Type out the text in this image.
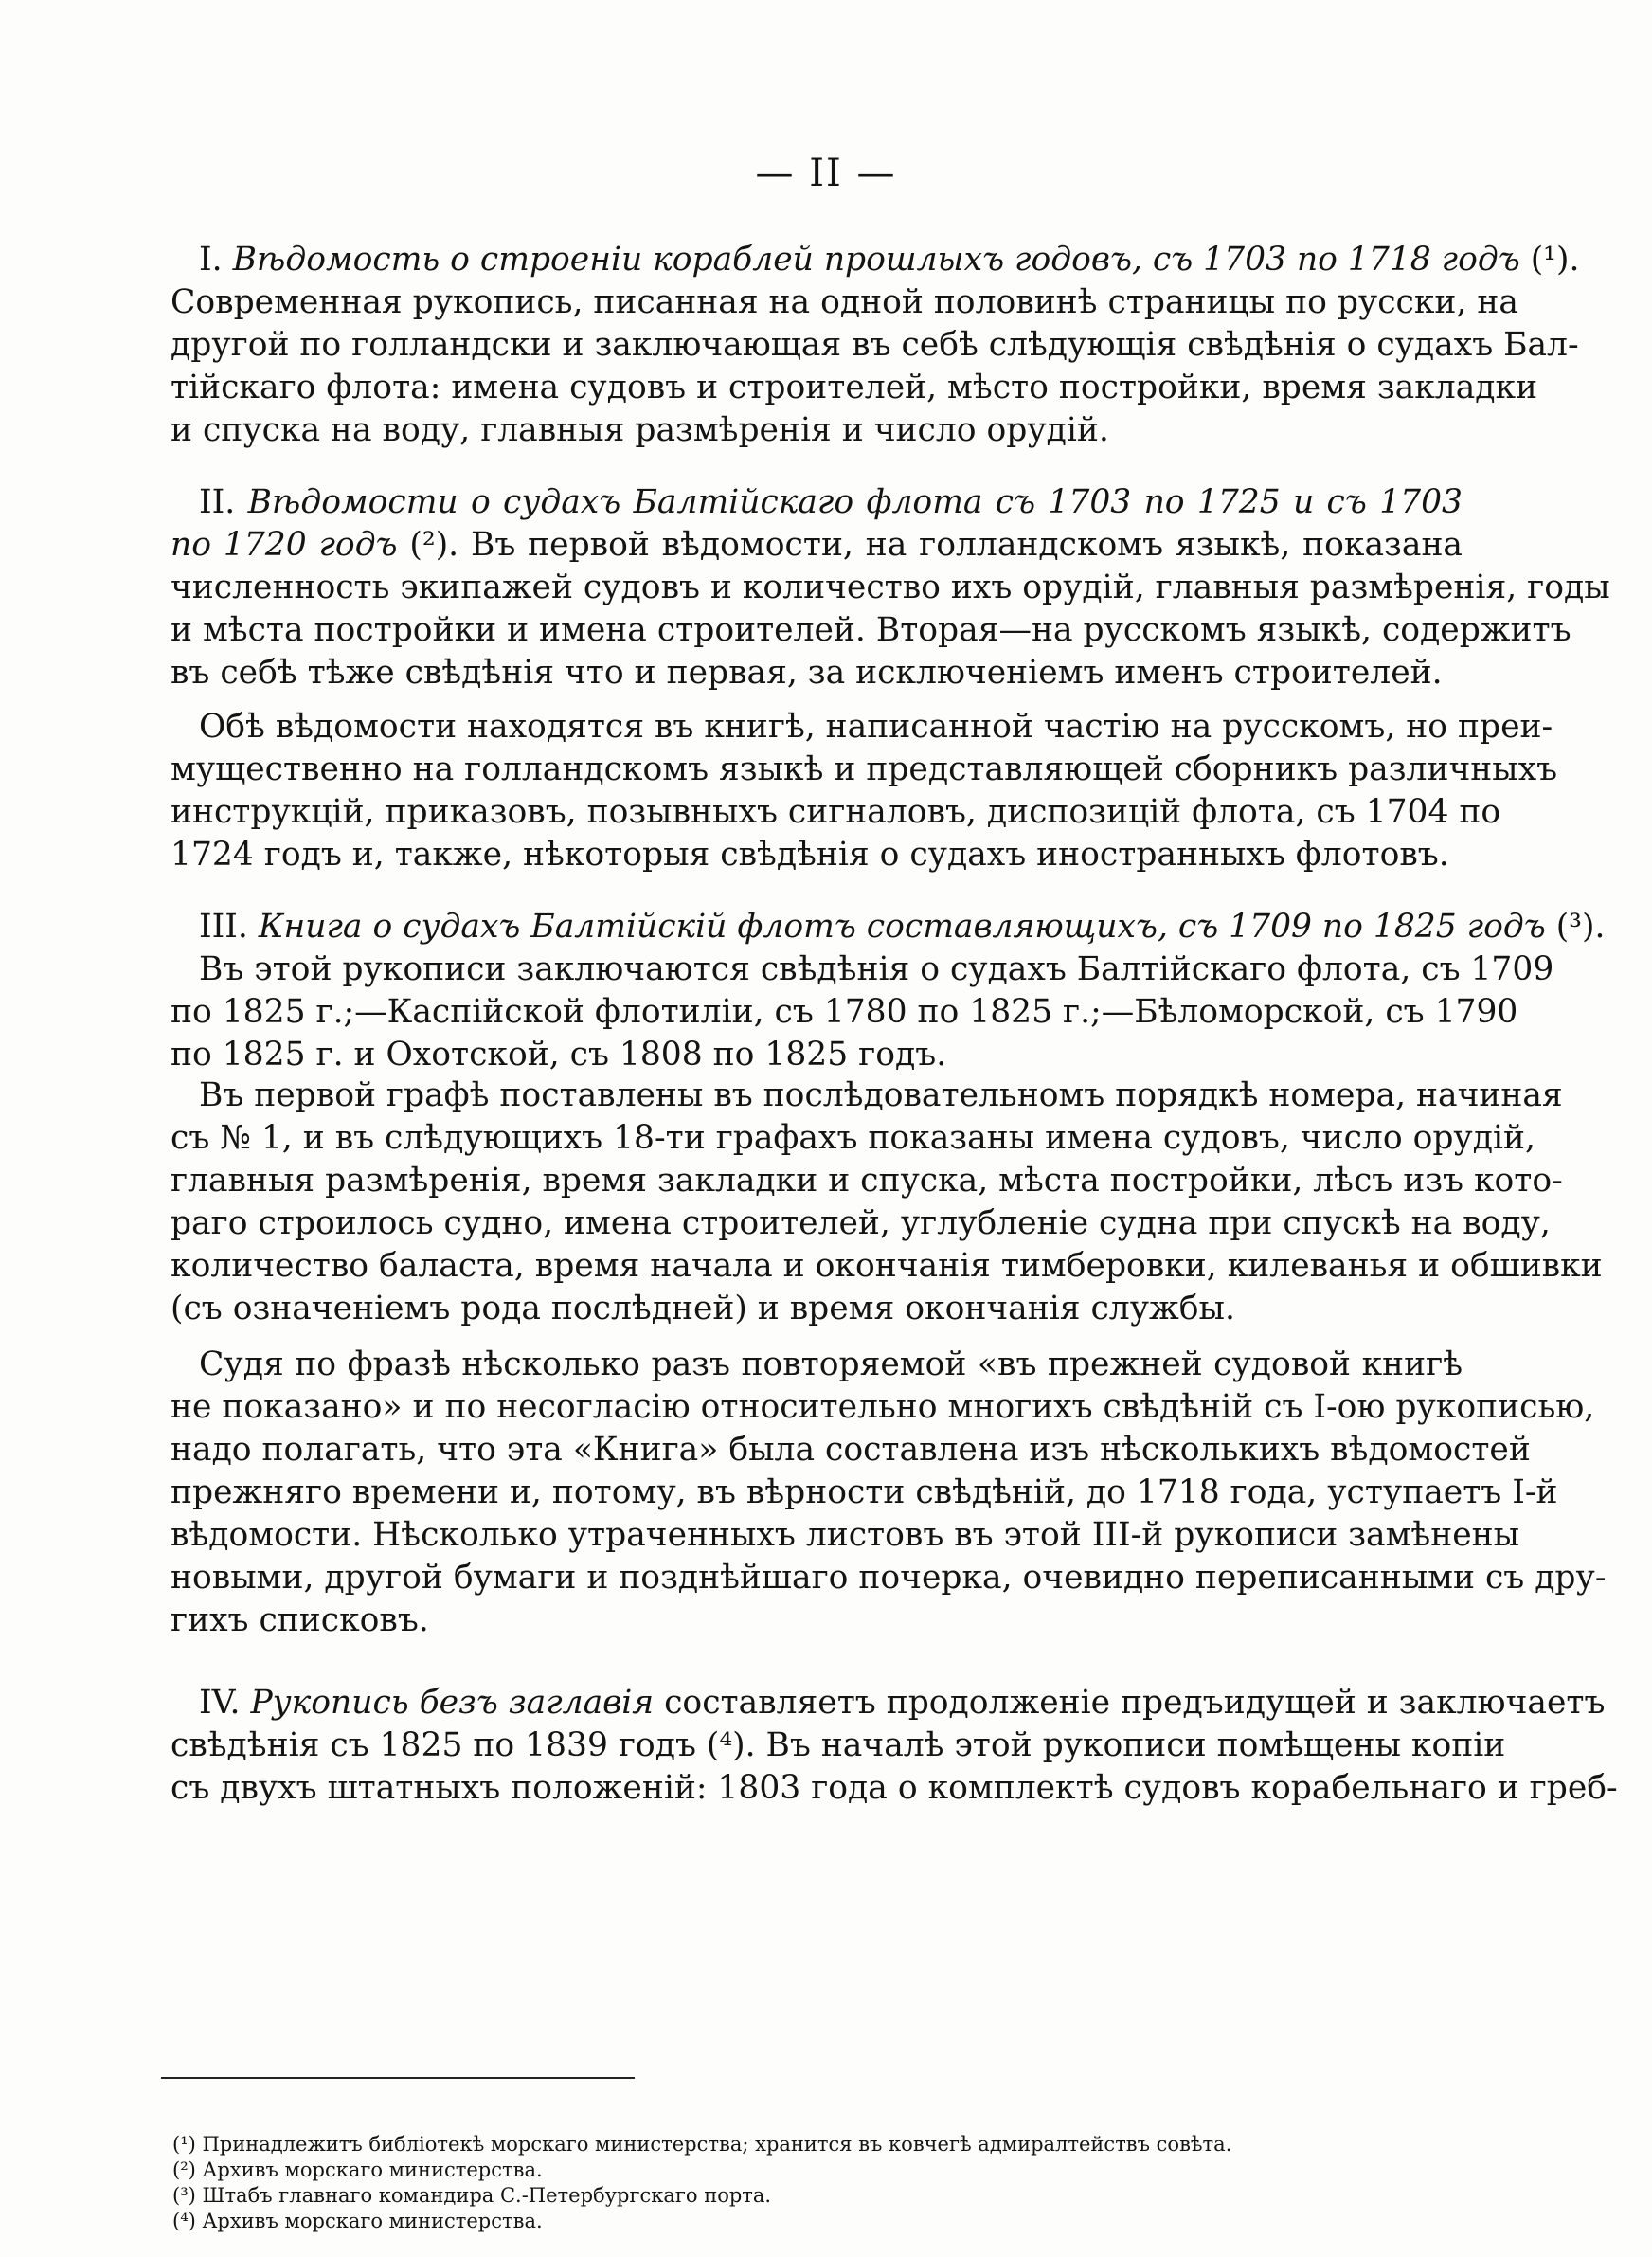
— II —
I. Вѣдомость о строеніи кораблей прошлыхъ годовъ, съ 1703 по 1718 годъ (¹).
Современная рукопись, писанная на одной половинѣ страницы по русски, на
другой по голландски и заключающая въ себѣ слѣдующія свѣдѣнія о судахъ Бал-
тійскаго флота: имена судовъ и строителей, мѣсто постройки, время закладки
и спуска на воду, главныя размѣренія и число орудій.
II. Вѣдомости о судахъ Балтійскаго флота съ 1703 по 1725 и съ 1703
по 1720 годъ (²). Въ первой вѣдомости, на голландскомъ языкѣ, показана
численность экипажей судовъ и количество ихъ орудій, главныя размѣренія, годы
и мѣста постройки и имена строителей. Вторая—на русскомъ языкѣ, содержитъ
въ себѣ тѣже свѣдѣнія что и первая, за исключеніемъ именъ строителей.
Обѣ вѣдомости находятся въ книгѣ, написанной частію на русскомъ, но преи-
мущественно на голландскомъ языкѣ и представляющей сборникъ различныхъ
инструкцій, приказовъ, позывныхъ сигналовъ, диспозицій флота, съ 1704 по
1724 годъ и, также, нѣкоторыя свѣдѣнія о судахъ иностранныхъ флотовъ.
III. Книга о судахъ Балтійскій флотъ составляющихъ, съ 1709 по 1825 годъ (³).
Въ этой рукописи заключаются свѣдѣнія о судахъ Балтійскаго флота, съ 1709
по 1825 г.;—Каспійской флотиліи, съ 1780 по 1825 г.;—Бѣломорской, съ 1790
по 1825 г. и Охотской, съ 1808 по 1825 годъ.
Въ первой графѣ поставлены въ послѣдовательномъ порядкѣ номера, начиная
съ № 1, и въ слѣдующихъ 18-ти графахъ показаны имена судовъ, число орудій,
главныя размѣренія, время закладки и спуска, мѣста постройки, лѣсъ изъ кото-
раго строилось судно, имена строителей, углубленіе судна при спускѣ на воду,
количество баласта, время начала и окончанія тимберовки, килеванья и обшивки
(съ означеніемъ рода послѣдней) и время окончанія службы.
Судя по фразѣ нѣсколько разъ повторяемой «въ прежней судовой книгѣ
не показано» и по несогласію относительно многихъ свѣдѣній съ І-ою рукописью,
надо полагать, что эта «Книга» была составлена изъ нѣсколькихъ вѣдомостей
прежняго времени и, потому, въ вѣрности свѣдѣній, до 1718 года, уступаетъ І-й
вѣдомости. Нѣсколько утраченныхъ листовъ въ этой ІІІ-й рукописи замѣнены
новыми, другой бумаги и позднѣйшаго почерка, очевидно переписанными съ дру-
гихъ списковъ.
IV. Рукопись безъ заглавія составляетъ продолженіе предъидущей и заключаетъ
свѣдѣнія съ 1825 по 1839 годъ (⁴). Въ началѣ этой рукописи помѣщены копіи
съ двухъ штатныхъ положеній: 1803 года о комплектѣ судовъ корабельнаго и греб-
(¹) Принадлежитъ библіотекѣ морскаго министерства; хранится въ ковчегѣ адмиралтействъ совѣта.
(²) Архивъ морскаго министерства.
(³) Штабъ главнаго командира С.-Петербургскаго порта.
(⁴) Архивъ морскаго министерства.
